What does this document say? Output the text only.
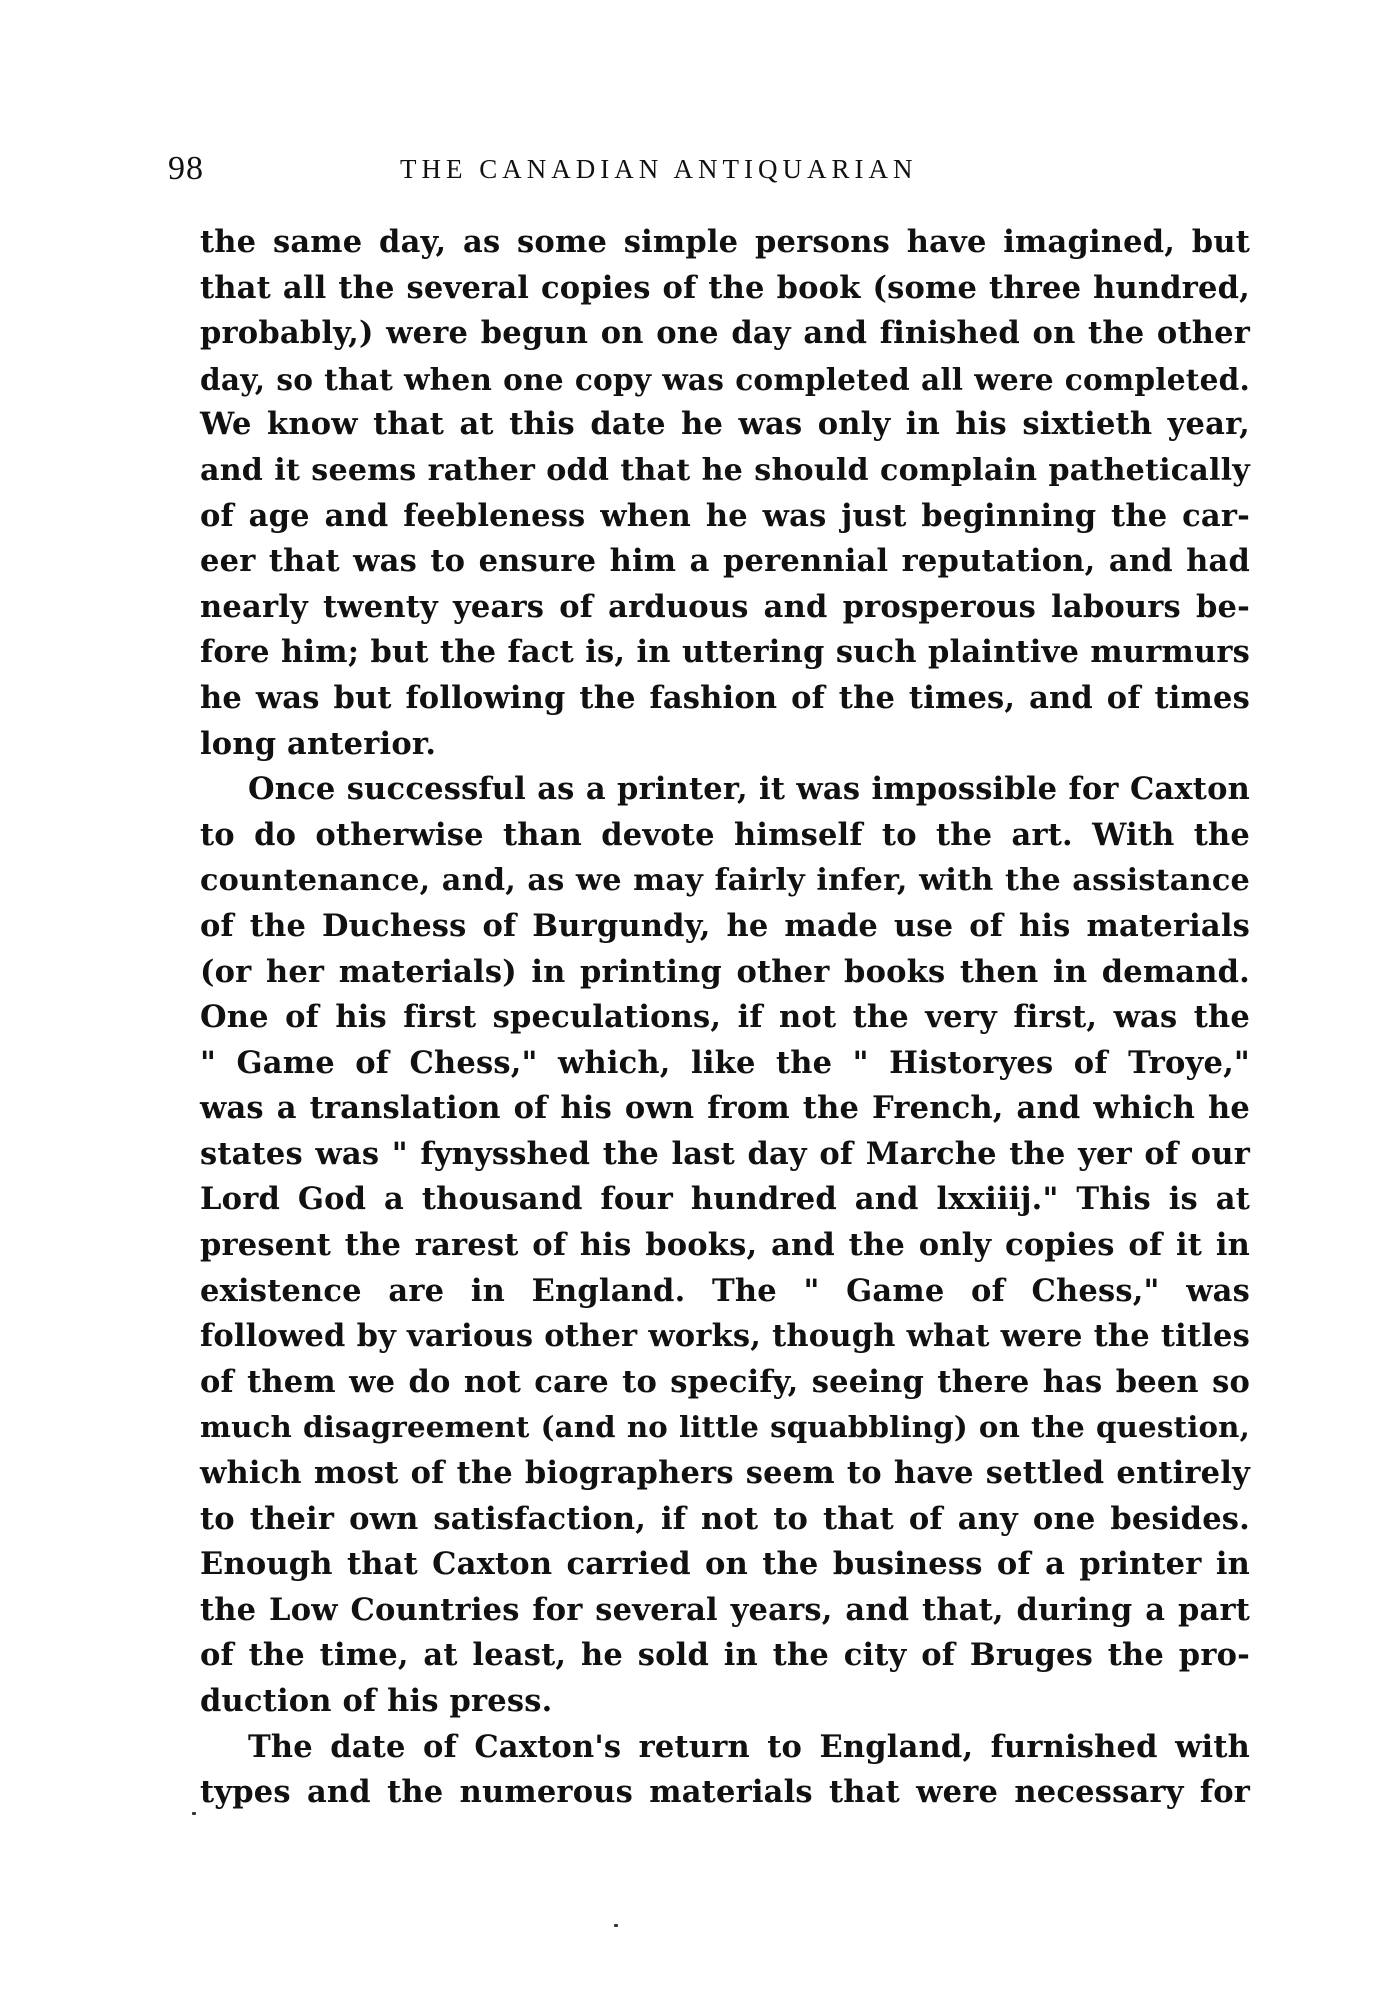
98	THE CANADIAN ANTIQUARIAN
the same day, as some simple persons have imagined, but
that all the several copies of the book (some three hundred,
probably,) were begun on one day and finished on the other
day, so that when one copy was completed all were completed.
We know that at this date he was only in his sixtieth year,
and it seems rather odd that he should complain pathetically
of age and feebleness when he was just beginning the car-
eer that was to ensure him a perennial reputation, and had
nearly twenty years of arduous and prosperous labours be-
fore him; but the fact is, in uttering such plaintive murmurs
he was but following the fashion of the times, and of times
long anterior.
Once successful as a printer, it was impossible for Caxton
to do otherwise than devote himself to the art. With the
countenance, and, as we may fairly infer, with the assistance
of the Duchess of Burgundy, he made use of his materials
(or her materials) in printing other books then in demand.
One of his first speculations, if not the very first, was the
" Game of Chess," which, like the " Historyes of Troye,"
was a translation of his own from the French, and which he
states was " fynysshed the last day of Marche the yer of our
Lord God a thousand four hundred and lxxiiij." This is at
present the rarest of his books, and the only copies of it in
existence are in England. The " Game of Chess," was
followed by various other works, though what were the titles
of them we do not care to specify, seeing there has been so
much disagreement (and no little squabbling) on the question,
which most of the biographers seem to have settled entirely
to their own satisfaction, if not to that of any one besides.
Enough that Caxton carried on the business of a printer in
the Low Countries for several years, and that, during a part
of the time, at least, he sold in the city of Bruges the pro-
duction of his press.
The date of Caxton's return to England, furnished with
types and the numerous materials that were necessary for
